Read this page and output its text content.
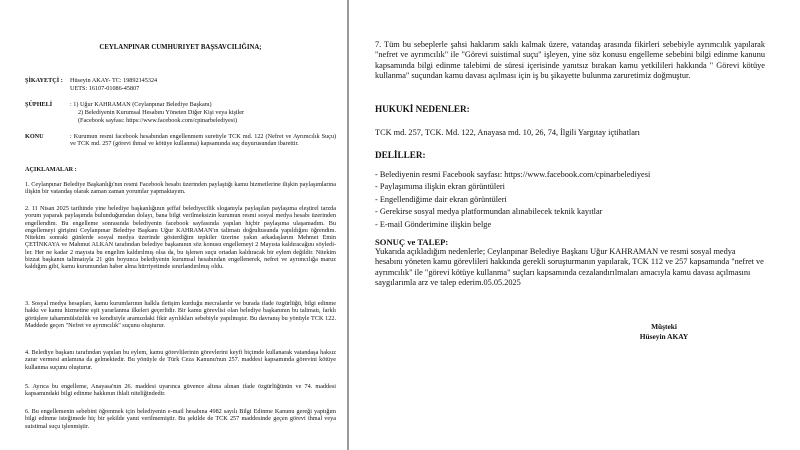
CEYLANPINAR CUMHURIYET BAŞSAVCILIĞINA;

ŞİKAYETÇİ : Hüseyin AKAY- TC: 19892145324
UETS: 16107-01086-45807
ŞÜPHELİ	: 1) Uğur KAHRAMAN (Ceylanpınar Belediye Başkanı)
2) Belediyenin Kurumsal Hesabını Yöneten Diğer Kişi veya kişiler
(Facebook sayfası: https://www.facebook.com/cpinarbelediyesi)
KONU	: Kurumun resmi facebook hesabından engellenmem suretiyle TCK md. 122 (Nefret ve Ayrımcılık Suçu) ve TCK md. 257 (görevi ihmal ve kötüye kullanma) kapsamında suç duyurusundan ibarettir.

AÇIKLAMALAR :

1. Ceylanpınar Belediye Başkanlığı'nın resmi Facebook hesabı üzerinden paylaştığı kamu hizmetlerine ilişkin paylaşımlarına ilişkin bir vatandaş olarak zaman zaman yorumlar yapmaktayım.

2. 11 Nisan 2025 tarihinde yine belediye başkanlığının şeffaf belediyecilik sloganıyla paylaşılan paylaşıma eleştirel tarzda yorum yaparak paylaşımda bulunduğumdan dolayı, bana bilgi verilmeksizin kurumun resmi sosyal medya hesabı üzerinden engellendim. Bu engelleme sonrasında belediyenin facebook sayfasında yapılan hiçbir paylaşıma ulaşamadım. Bu engellemeyi girişimi Ceylanpınar Belediye Başkanı Uğur KAHRAMAN'ın talimatı doğrultusunda yapıldığını öğrendim. Nitekim sonraki günlerde sosyal medya üzerinde gösterdiğim tepkiler üzerine yakın arkadaşlarım Mehmet Emin ÇETİNKAYA ve Mahmut ALKAN tarafından belediye başkanının söz konusu engellemeyi 2 Mayısta kaldıracağını söylediler. Her ne kadar 2 mayısta bu engelim kaldırılmış olsa da, bu işlenen suçu ortadan kaldıracak bir eylem değildir. Nitekim bizzat başkanın talimatıyla 21 gün boyunca belediyenin kurumsal hesabından engellenerek, nefret ve ayrımcılığa maruz kaldığım gibi, kamu kurumundan haber alma hürriyetimde sınırlandırılmış oldu.

3. Sosyal medya hesapları, kamu kurumlarının halkla iletişim kurduğu mecralardır ve burada ifade özgürlüğü, bilgi edinme hakkı ve kamu hizmetine eşit yararlanma ilkeleri geçerlidir. Bir kamu görevlisi olan belediye başkanının bu talimatı, farklı görüşlere tahammülsüzlük ve kendisiyle aramızdaki fikir ayrılıkları sebebiyle yapılmıştır. Bu davranış bu yönüyle TCK 122. Maddede geçen "Nefret ve ayrımcılık" suçunu oluşturur.

4. Belediye başkanı tarafından yapılan bu eylem, kamu görevlilerinin görevlerini keyfi biçimde kullanarak vatandaşa haksız zarar vermesi anlamına da gelmektedir. Bu yönüyle de Türk Ceza Kanunu'nun 257. maddesi kapsamında görevini kötüye kullanma suçunu oluşturur.

5. Ayrıca bu engelleme, Anayasa'nın 26. maddesi uyarınca güvence altına alınan ifade özgürlüğünün ve 74. maddesi kapsamındaki bilgi edinme hakkının ihlali niteliğindedir.

6. Bu engellemenin sebebini öğrenmek için belediyenin e-mail hesabına 4982 sayılı Bilgi Edinme Kanunu gereği yaptığım bilgi edinme isteğimede hiç bir şekilde yanıt verilmemiştir. Bu şekilde de TCK 257 maddesinde geçen görevi ihmal veya suistimal suçu işlenmiştir.

7. Tüm bu sebeplerle şahsi haklarım saklı kalmak üzere, vatandaş arasında fikirleri sebebiyle ayrımcılık yapılarak "nefret ve ayrımcılık" ile "Görevi suistimal suçu" işleyen, yine söz konusu engelleme sebebini bilgi edinme kanunu kapsamında bilgi edinme talebimi de süresi içerisinde yanıtsız bırakan kamu yetkilileri hakkında " Görevi kötüye kullanma" suçundan kamu davası açılması için iş bu şikayette bulunma zaruretimiz doğmuştur.

HUKUKİ NEDENLER:

TCK md. 257, TCK. Md. 122, Anayasa md. 10, 26, 74, İlgili Yargıtay içtihatları

DELİLLER:

- Belediyenin resmi Facebook sayfası: https://www.facebook.com/cpinarbelediyesi
- Paylaşımıma ilişkin ekran görüntüleri
- Engellendiğime dair ekran görüntüleri
- Gerekirse sosyal medya platformundan alınabilecek teknik kayıtlar
- E-mail Gönderimine ilişkin belge

SONUÇ ve TALEP:

Yukarıda açıkladığım nedenlerle; Ceylanpınar Belediye Başkanı Uğur KAHRAMAN ve resmi sosyal medya hesabını yöneten kamu görevlileri hakkında gerekli soruşturmanın yapılarak, TCK 112 ve 257 kapsamında "nefret ve ayrımcılık" ile "görevi kötüye kullanma" suçları kapsamında cezalandırılmaları amacıyla kamu davası açılmasını saygılarımla arz ve talep ederim.05.05.2025

Müşteki
Hüseyin AKAY
